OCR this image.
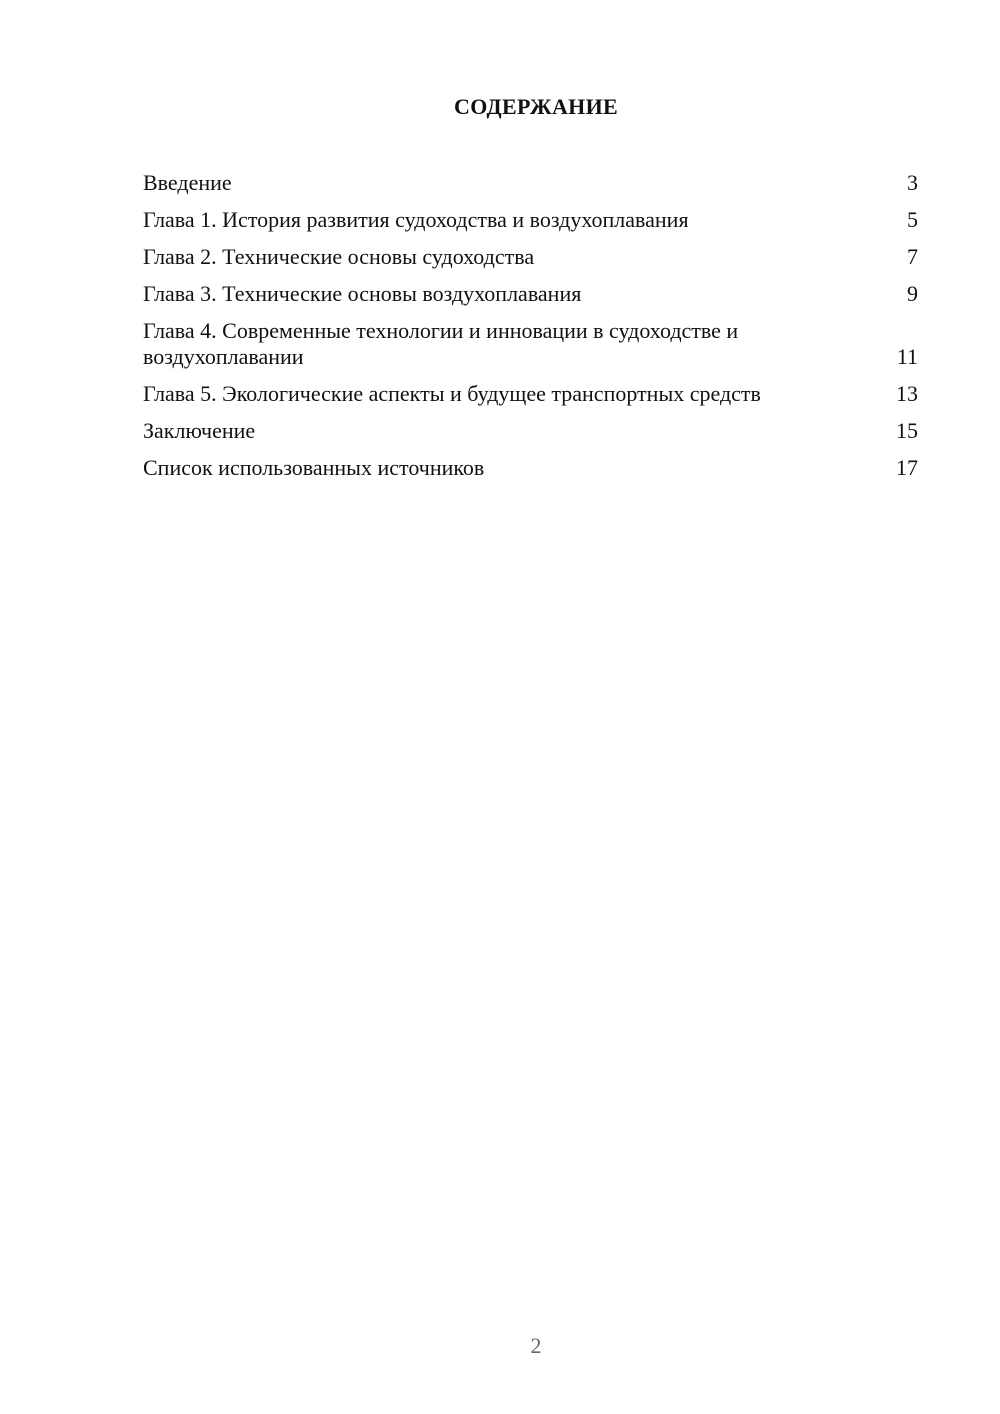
СОДЕРЖАНИЕ
Введение	3
Глава 1. История развития судоходства и воздухоплавания	5
Глава 2. Технические основы судоходства	7
Глава 3. Технические основы воздухоплавания	9
Глава 4. Современные технологии и инновации в судоходстве и воздухоплавании	11
Глава 5. Экологические аспекты и будущее транспортных средств	13
Заключение	15
Список использованных источников	17
2
